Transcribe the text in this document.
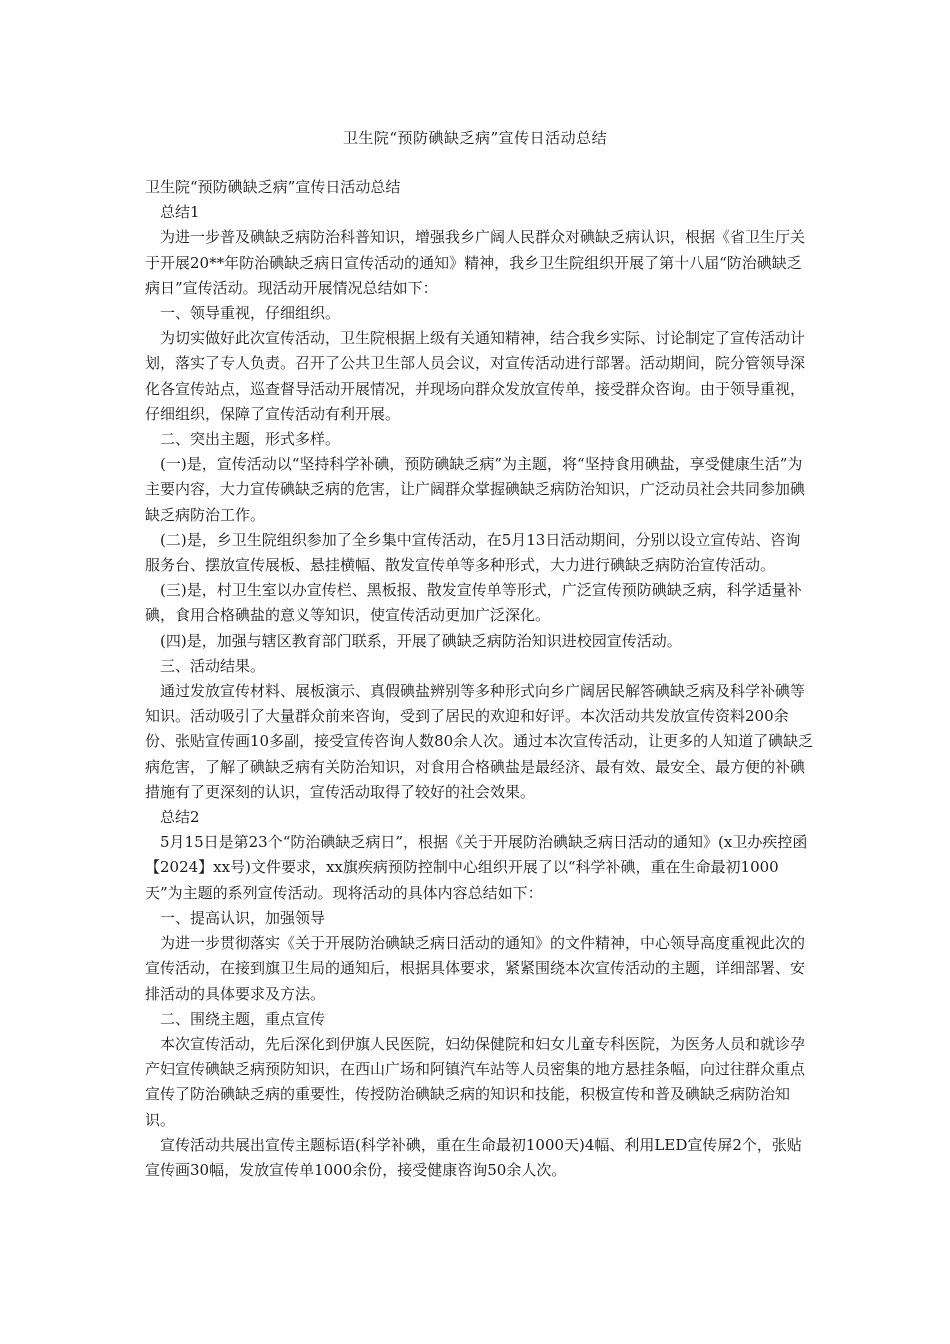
卫生院“预防碘缺乏病”宣传日活动总结

卫生院“预防碘缺乏病”宣传日活动总结

总结1

为进一步普及碘缺乏病防治科普知识，增强我乡广阔人民群众对碘缺乏病认识，根据《省卫生厅关于开展20**年防治碘缺乏病日宣传活动的通知》精神，我乡卫生院组织开展了第十八届“防治碘缺乏病日”宣传活动。现活动开展情况总结如下：

一、领导重视，仔细组织。

为切实做好此次宣传活动，卫生院根据上级有关通知精神，结合我乡实际、讨论制定了宣传活动计划，落实了专人负责。召开了公共卫生部人员会议，对宣传活动进行部署。活动期间，院分管领导深化各宣传站点，巡查督导活动开展情况，并现场向群众发放宣传单，接受群众咨询。由于领导重视，仔细组织，保障了宣传活动有利开展。

二、突出主题，形式多样。

(一)是，宣传活动以“坚持科学补碘，预防碘缺乏病”为主题，将“坚持食用碘盐，享受健康生活”为主要内容，大力宣传碘缺乏病的危害，让广阔群众掌握碘缺乏病防治知识，广泛动员社会共同参加碘缺乏病防治工作。

(二)是，乡卫生院组织参加了全乡集中宣传活动，在5月13日活动期间，分别以设立宣传站、咨询服务台、摆放宣传展板、悬挂横幅、散发宣传单等多种形式，大力进行碘缺乏病防治宣传活动。

(三)是，村卫生室以办宣传栏、黑板报、散发宣传单等形式，广泛宣传预防碘缺乏病，科学适量补碘，食用合格碘盐的意义等知识，使宣传活动更加广泛深化。

(四)是，加强与辖区教育部门联系，开展了碘缺乏病防治知识进校园宣传活动。

三、活动结果。

通过发放宣传材料、展板演示、真假碘盐辨别等多种形式向乡广阔居民解答碘缺乏病及科学补碘等知识。活动吸引了大量群众前来咨询，受到了居民的欢迎和好评。本次活动共发放宣传资料200余份、张贴宣传画10多副，接受宣传咨询人数80余人次。通过本次宣传活动，让更多的人知道了碘缺乏病危害，了解了碘缺乏病有关防治知识，对食用合格碘盐是最经济、最有效、最安全、最方便的补碘措施有了更深刻的认识，宣传活动取得了较好的社会效果。

总结2

5月15日是第23个“防治碘缺乏病日”，根据《关于开展防治碘缺乏病日活动的通知》(x卫办疾控函【2024】xx号)文件要求，xx旗疾病预防控制中心组织开展了以“科学补碘，重在生命最初1000天”为主题的系列宣传活动。现将活动的具体内容总结如下：

一、提高认识，加强领导

为进一步贯彻落实《关于开展防治碘缺乏病日活动的通知》的文件精神，中心领导高度重视此次的宣传活动，在接到旗卫生局的通知后，根据具体要求，紧紧围绕本次宣传活动的主题，详细部署、安排活动的具体要求及方法。

二、围绕主题，重点宣传

本次宣传活动，先后深化到伊旗人民医院，妇幼保健院和妇女儿童专科医院，为医务人员和就诊孕产妇宣传碘缺乏病预防知识，在西山广场和阿镇汽车站等人员密集的地方悬挂条幅，向过往群众重点宣传了防治碘缺乏病的重要性，传授防治碘缺乏病的知识和技能，积极宣传和普及碘缺乏病防治知识。

宣传活动共展出宣传主题标语(科学补碘，重在生命最初1000天)4幅、利用LED宣传屏2个，张贴宣传画30幅，发放宣传单1000余份，接受健康咨询50余人次。
